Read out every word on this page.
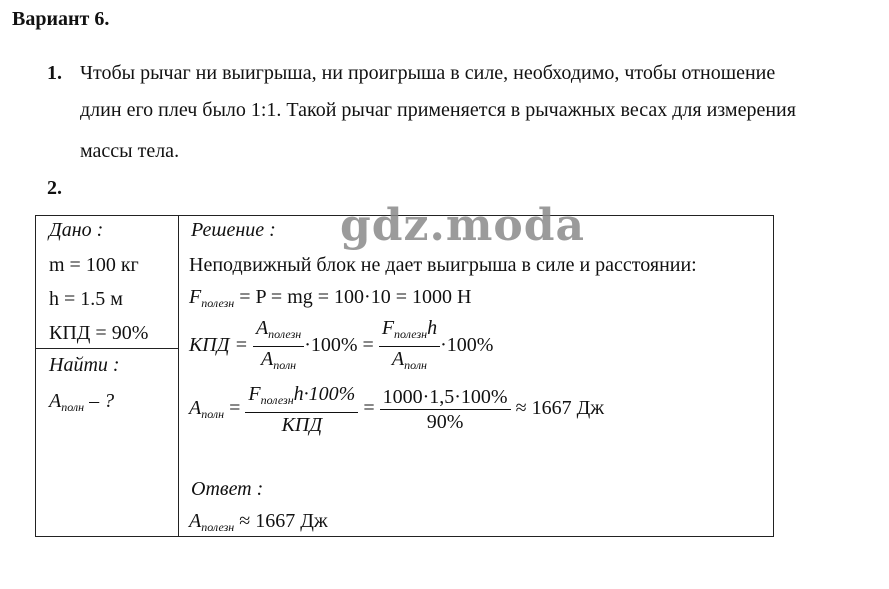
Вариант 6.
1. Чтобы рычаг ни выигрыша, ни проигрыша в силе, необходимо, чтобы отношение
длин его плеч было 1:1. Такой рычаг применяется в рычажных весах для измерения
массы тела.
2.
Дано :
m = 100 кг
h = 1.5 м
КПД = 90%
Найти :
$A_{полн}$ – ?
Решение :
Неподвижный блок не дает выигрыша в силе и расстоянии:
$F_{полезн} = P$ = mg = 100·10 = 1000 Н
КПД = $\frac{A_{полезн}}{A_{полн}} \cdot 100\% = \frac{F_{полезн}h}{A_{полн}} \cdot 100\%$
$A_{полн} = \frac{F_{полезн}h\cdot 100\%}{\text{КПД}} = \frac{1000\cdot 1,5\cdot 100\%}{90\%} \approx 1667$ Дж
Ответ :
$A_{полезн} \approx 1667$ Дж
gdz.moda
